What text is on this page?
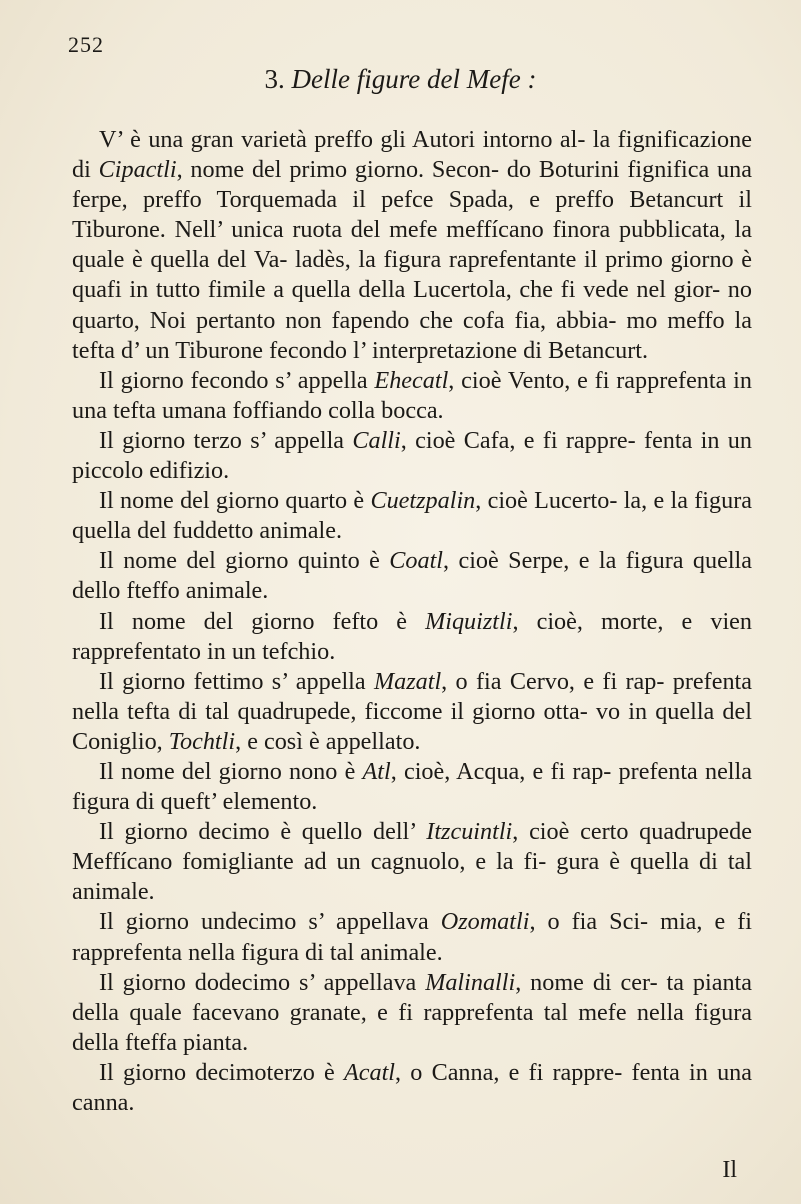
252
3. Delle figure del Mefe :

V’ è una gran varietà preffo gli Autori intorno al- la fignificazione di Cipactli, nome del primo giorno. Secon- do Boturini fignifica una ferpe, preffo Torquemada il pefce Spada, e preffo Betancurt il Tiburone. Nell’ unica ruota del mefe meffícano finora pubblicata, la quale è quella del Va- ladès, la figura raprefentante il primo giorno è quafi in tutto fimile a quella della Lucertola, che fi vede nel gior- no quarto, Noi pertanto non fapendo che cofa fia, abbia- mo meffo la tefta d’ un Tiburone fecondo l’ interpretazione di Betancurt.

Il giorno fecondo s’ appella Ehecatl, cioè Vento, e fi rapprefenta in una tefta umana foffiando colla bocca.

Il giorno terzo s’ appella Calli, cioè Cafa, e fi rappre- fenta in un piccolo edifizio.

Il nome del giorno quarto è Cuetzpalin, cioè Lucerto- la, e la figura quella del fuddetto animale.

Il nome del giorno quinto è Coatl, cioè Serpe, e la figura quella dello fteffo animale.

Il nome del giorno fefto è Miquiztli, cioè, morte, e vien rapprefentato in un tefchio.

Il giorno fettimo s’ appella Mazatl, o fia Cervo, e fi rap- prefenta nella tefta di tal quadrupede, ficcome il giorno otta- vo in quella del Coniglio, Tochtli, e così è appellato.

Il nome del giorno nono è Atl, cioè, Acqua, e fi rap- prefenta nella figura di queft’ elemento.

Il giorno decimo è quello dell’ Itzcuintli, cioè certo quadrupede Meffícano fomigliante ad un cagnuolo, e la fi- gura è quella di tal animale.

Il giorno undecimo s’ appellava Ozomatli, o fia Sci- mia, e fi rapprefenta nella figura di tal animale.

Il giorno dodecimo s’ appellava Malinalli, nome di cer- ta pianta della quale facevano granate, e fi rapprefenta tal mefe nella figura della fteffa pianta.

Il giorno decimoterzo è Acatl, o Canna, e fi rappre- fenta in una canna.

Il
